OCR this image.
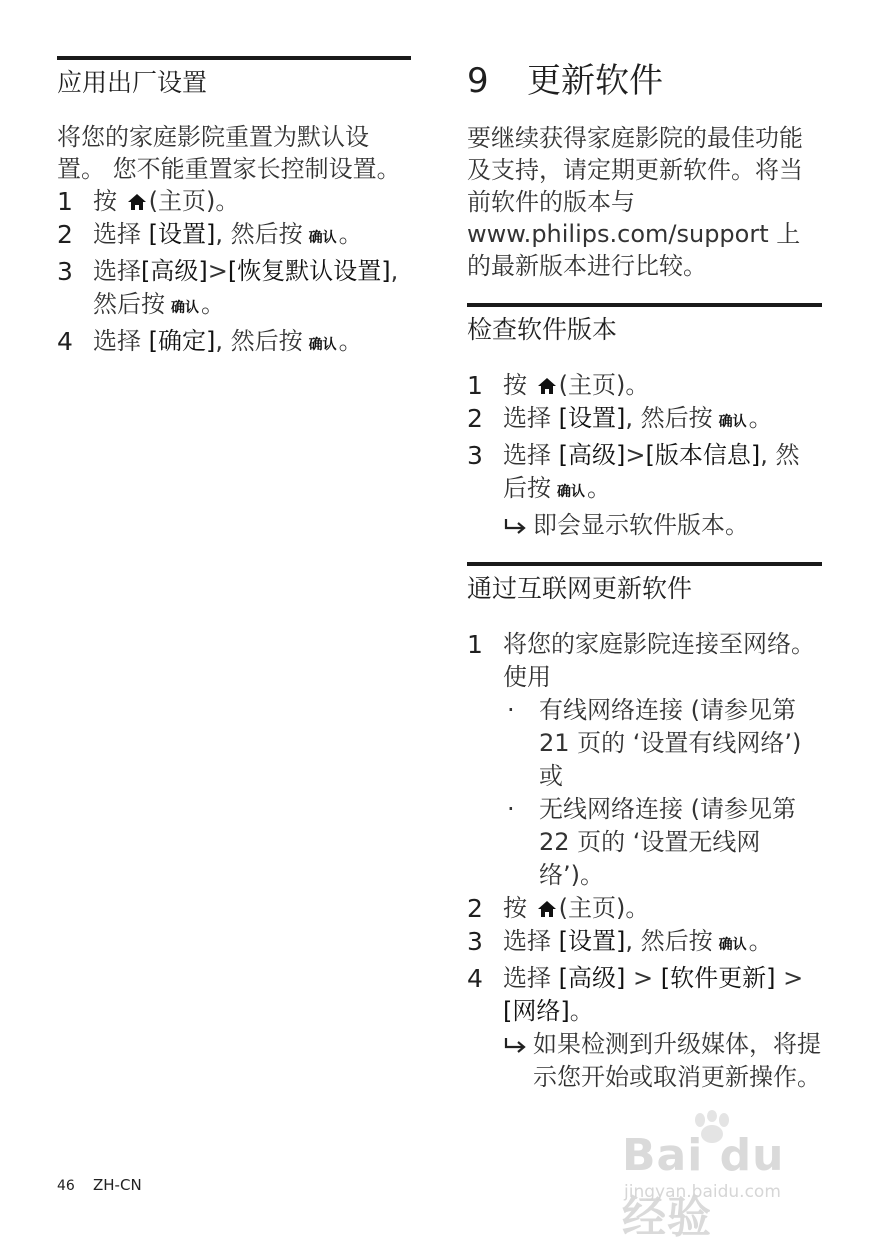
应用出厂设置

将您的家庭影院重置为默认设置。 您不能重置家长控制设置。

1 按 (主页)。
2 选择 [设置], 然后按 确认。
3 选择[高级]>[恢复默认设置], 然后按 确认。
4 选择 [确定], 然后按 确认。
9 更新软件

要继续获得家庭影院的最佳功能及支持，请定期更新软件。将当前软件的版本与 www.philips.com/support 上的最新版本进行比较。

检查软件版本
1 按 (主页)。
2 选择 [设置], 然后按 确认。
3 选择 [高级]>[版本信息], 然后按 确认。
即会显示软件版本。
通过互联网更新软件
1 将您的家庭影院连接至网络。 使用
· 有线网络连接 (请参见第 21 页的 ‘设置有线网络’)或
· 无线网络连接 (请参见第 22 页的 ‘设置无线网络’)。
2 按 (主页)。
3 选择 [设置], 然后按 确认。
4 选择 [高级] > [软件更新] > [网络]。
如果检测到升级媒体，将提示您开始或取消更新操作。
46 ZH-CN
Bai du 经验
jingyan.baidu.com
